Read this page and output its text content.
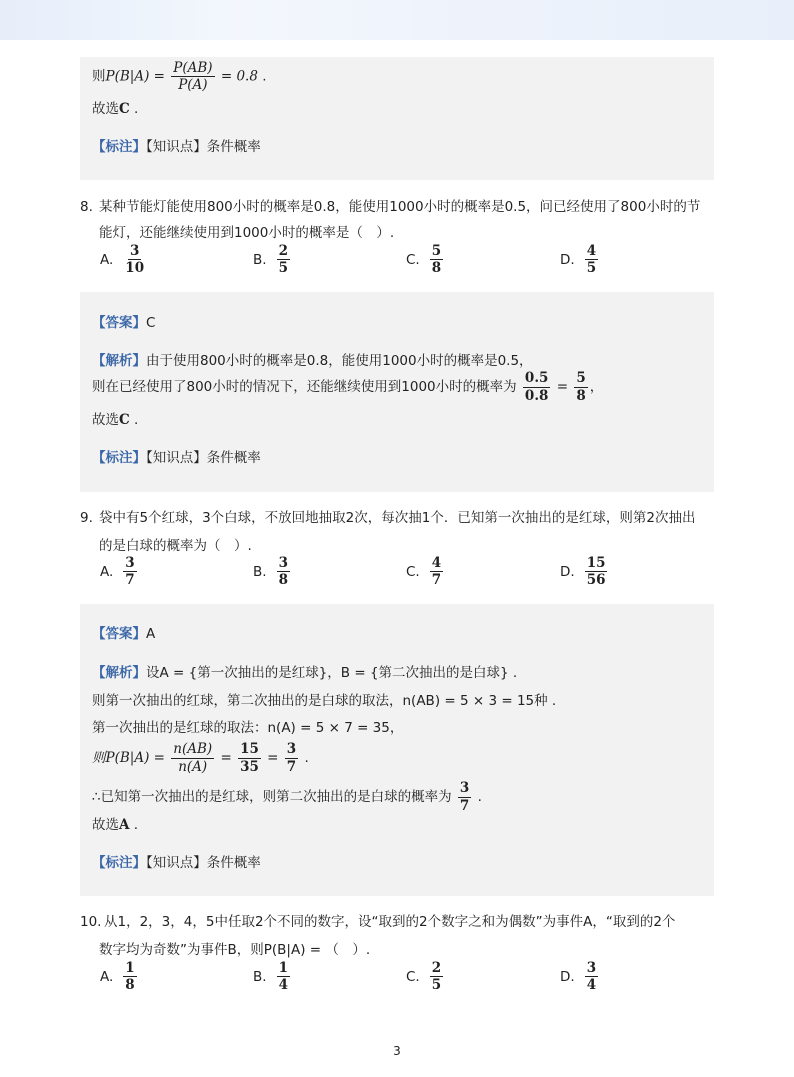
则$P(B|A) = \frac{P(AB)}{P(A)} = 0.8$ .
故选C .
【标注】【知识点】条件概率
8. 某种节能灯能使用800小时的概率是0.8，能使用1000小时的概率是0.5，问已经使用了800小时的节
能灯，还能继续使用到1000小时的概率是（　）.
A. $\frac{3}{10}$	B. $\frac{2}{5}$	C. $\frac{5}{8}$	D. $\frac{4}{5}$
【答案】C
【解析】由于使用800小时的概率是0.8，能使用1000小时的概率是0.5，
则在已经使用了800小时的情况下，还能继续使用到1000小时的概率为 $\frac{0.5}{0.8} = \frac{5}{8}$ ，
故选C .
【标注】【知识点】条件概率
9. 袋中有5个红球，3个白球，不放回地抽取2次，每次抽1个．已知第一次抽出的是红球，则第2次抽出
的是白球的概率为（　）.
A. $\frac{3}{7}$	B. $\frac{3}{8}$	C. $\frac{4}{7}$	D. $\frac{15}{56}$
【答案】A
【解析】设A = {第一次抽出的是红球}，B = {第二次抽出的是白球} .
则第一次抽出的红球，第二次抽出的是白球的取法，n(AB) = 5 × 3 = 15种 .
第一次抽出的是红球的取法：n(A) = 5 × 7 = 35，
则$P(B|A) = \frac{n(AB)}{n(A)} = \frac{15}{35} = \frac{3}{7}$ .
∴已知第一次抽出的是红球，则第二次抽出的是白球的概率为 $\frac{3}{7}$ .
故选A .
【标注】【知识点】条件概率
10. 从1，2，3，4，5中任取2个不同的数字，设“取到的2个数字之和为偶数”为事件A，“取到的2个
数字均为奇数”为事件B，则P(B|A) = （　）.
A. $\frac{1}{8}$	B. $\frac{1}{4}$	C. $\frac{2}{5}$	D. $\frac{3}{4}$
3
